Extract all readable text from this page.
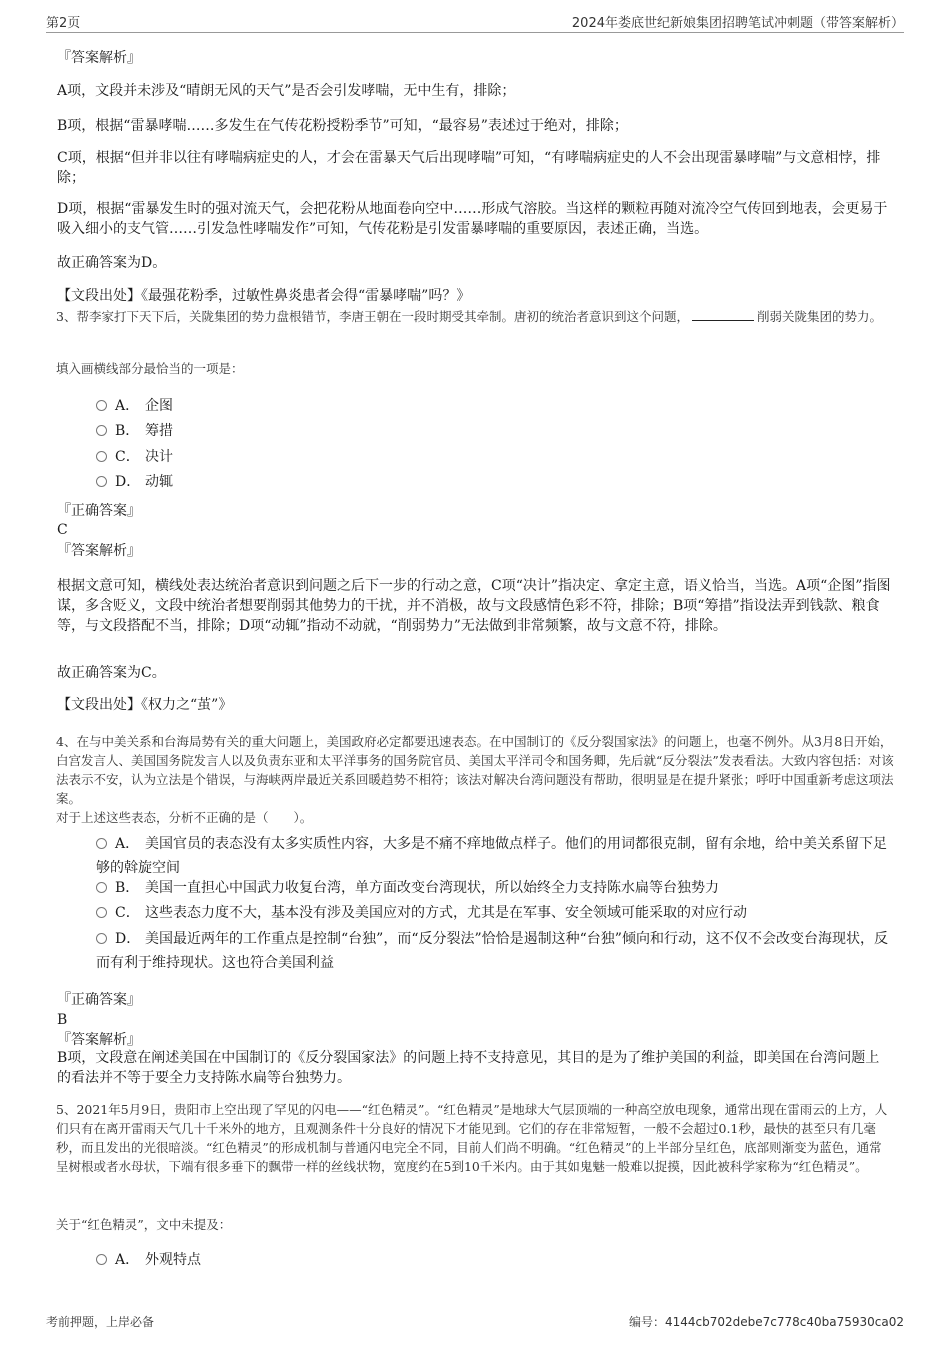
第2页	2024年娄底世纪新娘集团招聘笔试冲刺题（带答案解析）
『答案解析』
A项，文段并未涉及“晴朗无风的天气”是否会引发哮喘，无中生有，排除；
B项，根据“雷暴哮喘……多发生在气传花粉授粉季节”可知，“最容易”表述过于绝对，排除；
C项，根据“但并非以往有哮喘病症史的人，才会在雷暴天气后出现哮喘”可知，“有哮喘病症史的人不会出现雷暴哮喘”与文意相悖，排除；
D项，根据“雷暴发生时的强对流天气，会把花粉从地面卷向空中……形成气溶胶。当这样的颗粒再随对流冷空气传回到地表，会更易于吸入细小的支气管……引发急性哮喘发作”可知，气传花粉是引发雷暴哮喘的重要原因，表述正确，当选。
故正确答案为D。
【文段出处】《最强花粉季，过敏性鼻炎患者会得“雷暴哮喘”吗？》
3、帮李家打下天下后，关陇集团的势力盘根错节，李唐王朝在一段时期受其牵制。唐初的统治者意识到这个问题，	削弱关陇集团的势力。
填入画横线部分最恰当的一项是：
A． 企图
B． 筹措
C． 决计
D． 动辄
『正确答案』
C
『答案解析』
根据文意可知，横线处表达统治者意识到问题之后下一步的行动之意，C项“决计”指决定、拿定主意，语义恰当，当选。A项“企图”指图谋，多含贬义，文段中统治者想要削弱其他势力的干扰，并不消极，故与文段感情色彩不符，排除；B项“筹措”指设法弄到钱款、粮食等，与文段搭配不当，排除；D项“动辄”指动不动就，“削弱势力”无法做到非常频繁，故与文意不符，排除。
故正确答案为C。
【文段出处】《权力之“茧”》
4、在与中美关系和台海局势有关的重大问题上，美国政府必定都要迅速表态。在中国制订的《反分裂国家法》的问题上，也毫不例外。从3月8日开始，白宫发言人、美国国务院发言人以及负责东亚和太平洋事务的国务院官员、美国太平洋司令和国务卿，先后就“反分裂法”发表看法。大致内容包括：对该法表示不安，认为立法是个错误，与海峡两岸最近关系回暖趋势不相符；该法对解决台湾问题没有帮助，很明显是在提升紧张；呼吁中国重新考虑这项法案。
对于上述这些表态，分析不正确的是（　　）。
A． 美国官员的表态没有太多实质性内容，大多是不痛不痒地做点样子。他们的用词都很克制，留有余地，给中美关系留下足够的斡旋空间
B． 美国一直担心中国武力收复台湾，单方面改变台湾现状，所以始终全力支持陈水扁等台独势力
C． 这些表态力度不大，基本没有涉及美国应对的方式，尤其是在军事、安全领域可能采取的对应行动
D． 美国最近两年的工作重点是控制“台独”，而“反分裂法”恰恰是遏制这种“台独”倾向和行动，这不仅不会改变台海现状，反而有利于维持现状。这也符合美国利益
『正确答案』
B
『答案解析』
B项，文段意在阐述美国在中国制订的《反分裂国家法》的问题上持不支持意见，其目的是为了维护美国的利益，即美国在台湾问题上的看法并不等于要全力支持陈水扁等台独势力。
5、2021年5月9日，贵阳市上空出现了罕见的闪电——“红色精灵”。“红色精灵”是地球大气层顶端的一种高空放电现象，通常出现在雷雨云的上方，人们只有在离开雷雨天气几十千米外的地方，且观测条件十分良好的情况下才能见到。它们的存在非常短暂，一般不会超过0.1秒，最快的甚至只有几毫秒，而且发出的光很暗淡。“红色精灵”的形成机制与普通闪电完全不同，目前人们尚不明确。“红色精灵”的上半部分呈红色，底部则渐变为蓝色，通常呈树根或者水母状，下端有很多垂下的飘带一样的丝线状物，宽度约在5到10千米内。由于其如鬼魅一般难以捉摸，因此被科学家称为“红色精灵”。
关于“红色精灵”，文中未提及：
A． 外观特点
考前押题，上岸必备	编号：4144cb702debe7c778c40ba75930ca02
